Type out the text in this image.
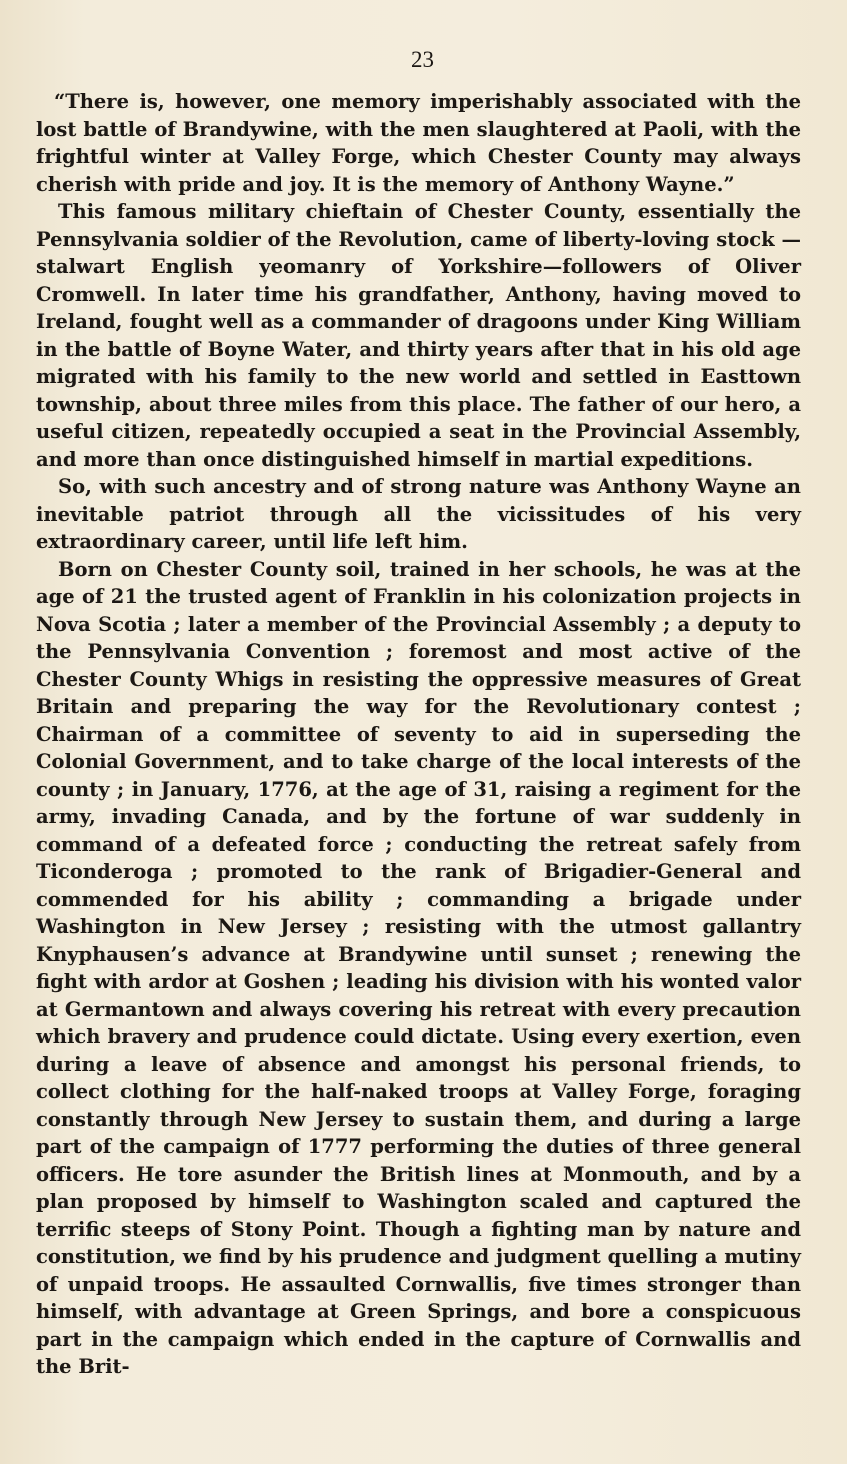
23

“There is, however, one memory imperishably associated with the lost battle of Brandywine, with the men slaughtered at Paoli, with the frightful winter at Valley Forge, which Chester County may always cherish with pride and joy. It is the memory of Anthony Wayne.”

This famous military chieftain of Chester County, essentially the Pennsylvania soldier of the Revolution, came of liberty-loving stock —stalwart English yeomanry of Yorkshire—followers of Oliver Cromwell. In later time his grandfather, Anthony, having moved to Ireland, fought well as a commander of dragoons under King William in the battle of Boyne Water, and thirty years after that in his old age migrated with his family to the new world and settled in Easttown township, about three miles from this place. The father of our hero, a useful citizen, repeatedly occupied a seat in the Provincial Assembly, and more than once distinguished himself in martial expeditions.

So, with such ancestry and of strong nature was Anthony Wayne an inevitable patriot through all the vicissitudes of his very extraordinary career, until life left him.

Born on Chester County soil, trained in her schools, he was at the age of 21 the trusted agent of Franklin in his colonization projects in Nova Scotia ; later a member of the Provincial Assembly ; a deputy to the Pennsylvania Convention ; foremost and most active of the Chester County Whigs in resisting the oppressive measures of Great Britain and preparing the way for the Revolutionary contest ; Chairman of a committee of seventy to aid in superseding the Colonial Government, and to take charge of the local interests of the county ; in January, 1776, at the age of 31, raising a regiment for the army, invading Canada, and by the fortune of war suddenly in command of a defeated force ; conducting the retreat safely from Ticonderoga ; promoted to the rank of Brigadier-General and commended for his ability ; commanding a brigade under Washington in New Jersey ; resisting with the utmost gallantry Knyphausen’s advance at Brandywine until sunset ; renewing the fight with ardor at Goshen ; leading his division with his wonted valor at Germantown and always covering his retreat with every precaution which bravery and prudence could dictate. Using every exertion, even during a leave of absence and amongst his personal friends, to collect clothing for the half-naked troops at Valley Forge, foraging constantly through New Jersey to sustain them, and during a large part of the campaign of 1777 performing the duties of three general officers. He tore asunder the British lines at Monmouth, and by a plan proposed by himself to Washington scaled and captured the terrific steeps of Stony Point. Though a fighting man by nature and constitution, we find by his prudence and judgment quelling a mutiny of unpaid troops. He assaulted Cornwallis, five times stronger than himself, with advantage at Green Springs, and bore a conspicuous part in the campaign which ended in the capture of Cornwallis and the Brit-
